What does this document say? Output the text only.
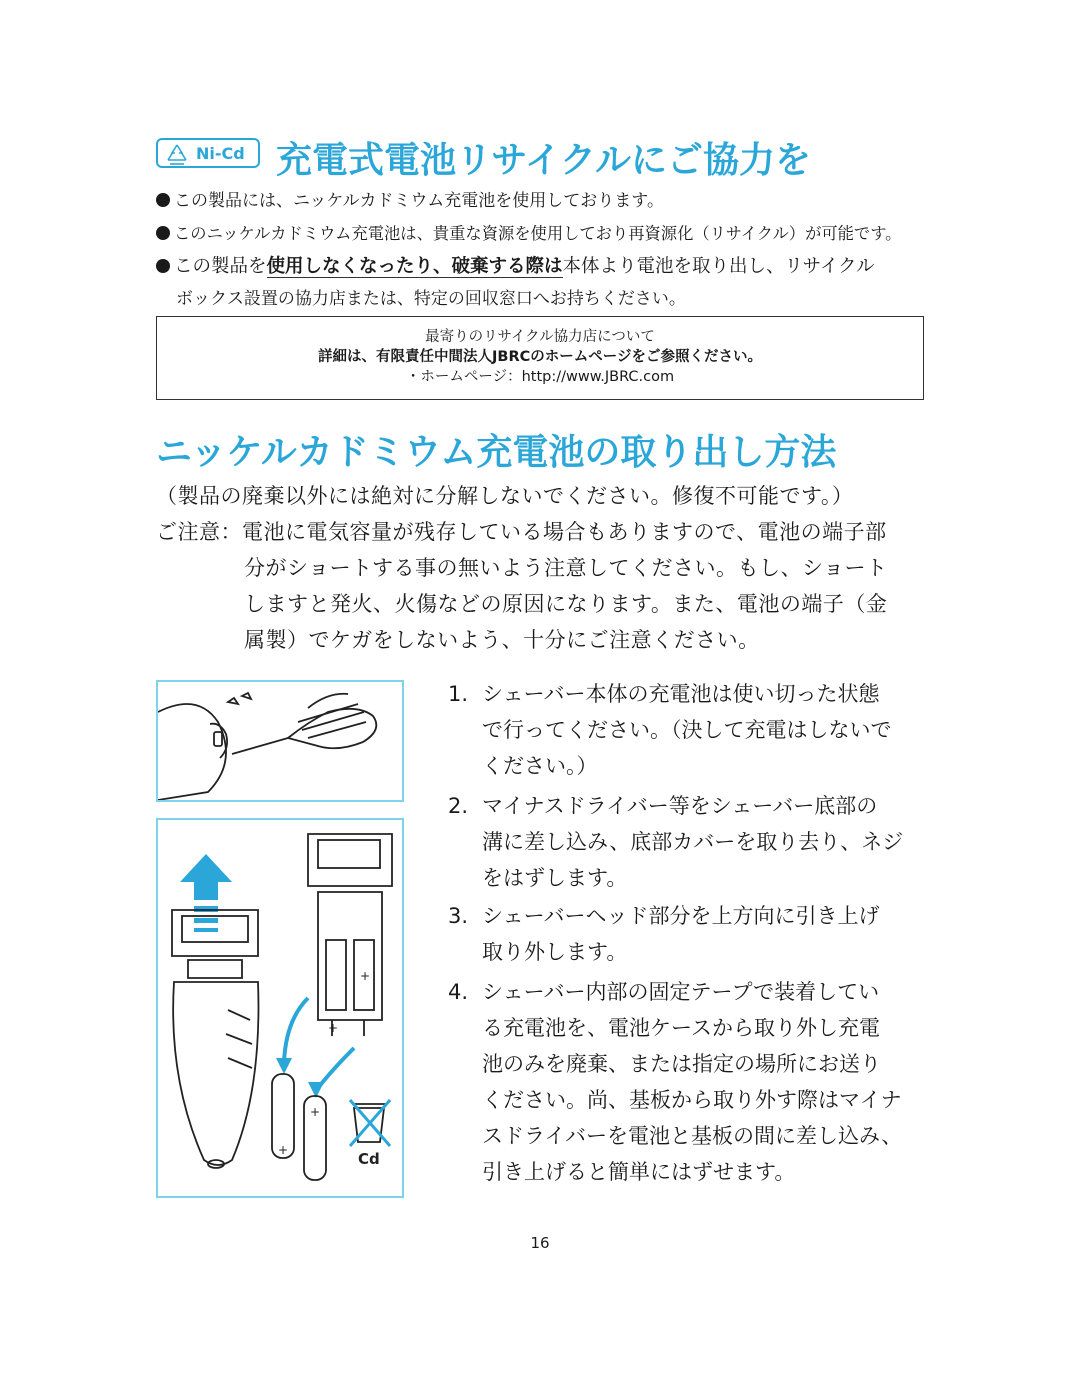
Ni-Cd 充電式電池リサイクルにご協力を
この製品には、ニッケルカドミウム充電池を使用しております。
このニッケルカドミウム充電池は、貴重な資源を使用しており再資源化（リサイクル）が可能です。
この製品を使用しなくなったり、破棄する際は本体より電池を取り出し、リサイクル
ボックス設置の協力店または、特定の回収窓口へお持ちください。
最寄りのリサイクル協力店について
詳細は、有限責任中間法人JBRCのホームページをご参照ください。
・ホームページ：http://www.JBRC.com
ニッケルカドミウム充電池の取り出し方法
（製品の廃棄以外には絶対に分解しないでください。修復不可能です。）
ご注意：電池に電気容量が残存している場合もありますので、電池の端子部
分がショートする事の無いよう注意してください。もし、ショート
しますと発火、火傷などの原因になります。また、電池の端子（金
属製）でケガをしないよう、十分にご注意ください。
+
+
+
+
Cd
1. シェーバー本体の充電池は使い切った状態
で行ってください。（決して充電はしないで
ください。）
2. マイナスドライバー等をシェーバー底部の
溝に差し込み、底部カバーを取り去り、ネジ
をはずします。
3. シェーバーヘッド部分を上方向に引き上げ
取り外します。
4. シェーバー内部の固定テープで装着してい
る充電池を、電池ケースから取り外し充電
池のみを廃棄、または指定の場所にお送り
ください。尚、基板から取り外す際はマイナ
スドライバーを電池と基板の間に差し込み、
引き上げると簡単にはずせます。
16
